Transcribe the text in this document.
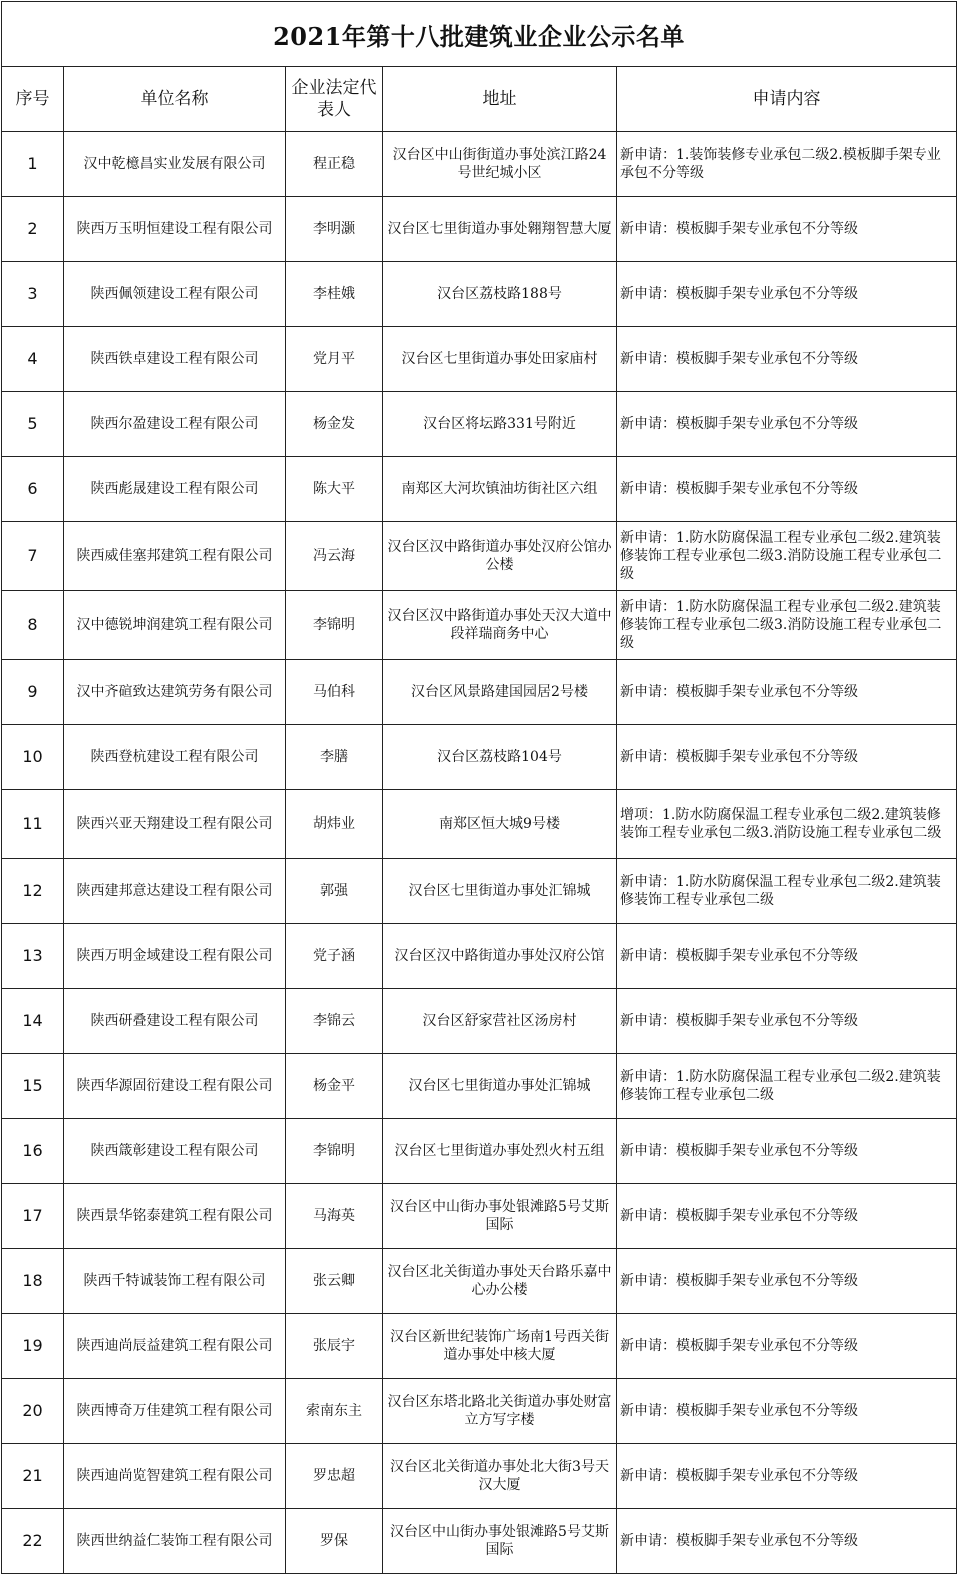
2021年第十八批建筑业企业公示名单				
序号	单位名称	企业法定代表人	地址	申请内容
1	汉中乾檍昌实业发展有限公司	程正稳	汉台区中山街街道办事处滨江路24号世纪城小区	新申请：1.装饰装修专业承包二级2.模板脚手架专业承包不分等级
2	陕西万玉明恒建设工程有限公司	李明灏	汉台区七里街道办事处翱翔智慧大厦	新申请：模板脚手架专业承包不分等级
3	陕西佩领建设工程有限公司	李桂娥	汉台区荔枝路188号	新申请：模板脚手架专业承包不分等级
4	陕西铁卓建设工程有限公司	党月平	汉台区七里街道办事处田家庙村	新申请：模板脚手架专业承包不分等级
5	陕西尔盈建设工程有限公司	杨金发	汉台区将坛路331号附近	新申请：模板脚手架专业承包不分等级
6	陕西彪晟建设工程有限公司	陈大平	南郑区大河坎镇油坊街社区六组	新申请：模板脚手架专业承包不分等级
7	陕西威佳塞邦建筑工程有限公司	冯云海	汉台区汉中路街道办事处汉府公馆办公楼	新申请：1.防水防腐保温工程专业承包二级2.建筑装修装饰工程专业承包二级3.消防设施工程专业承包二级
8	汉中德锐坤润建筑工程有限公司	李锦明	汉台区汉中路街道办事处天汉大道中段祥瑞商务中心	新申请：1.防水防腐保温工程专业承包二级2.建筑装修装饰工程专业承包二级3.消防设施工程专业承包二级
9	汉中齐碹致达建筑劳务有限公司	马伯科	汉台区风景路建国园居2号楼	新申请：模板脚手架专业承包不分等级
10	陕西登杭建设工程有限公司	李膳	汉台区荔枝路104号	新申请：模板脚手架专业承包不分等级
11	陕西兴亚天翔建设工程有限公司	胡炜业	南郑区恒大城9号楼	增项：1.防水防腐保温工程专业承包二级2.建筑装修装饰工程专业承包二级3.消防设施工程专业承包二级
12	陕西建邦意达建设工程有限公司	郭强	汉台区七里街道办事处汇锦城	新申请：1.防水防腐保温工程专业承包二级2.建筑装修装饰工程专业承包二级
13	陕西万明金域建设工程有限公司	党子涵	汉台区汉中路街道办事处汉府公馆	新申请：模板脚手架专业承包不分等级
14	陕西研叠建设工程有限公司	李锦云	汉台区舒家营社区汤房村	新申请：模板脚手架专业承包不分等级
15	陕西华源固衍建设工程有限公司	杨金平	汉台区七里街道办事处汇锦城	新申请：1.防水防腐保温工程专业承包二级2.建筑装修装饰工程专业承包二级
16	陕西箴彰建设工程有限公司	李锦明	汉台区七里街道办事处烈火村五组	新申请：模板脚手架专业承包不分等级
17	陕西景华铭泰建筑工程有限公司	马海英	汉台区中山街办事处银滩路5号艾斯国际	新申请：模板脚手架专业承包不分等级
18	陕西千特诚装饰工程有限公司	张云卿	汉台区北关街道办事处天台路乐嘉中心办公楼	新申请：模板脚手架专业承包不分等级
19	陕西迪尚辰益建筑工程有限公司	张辰宇	汉台区新世纪装饰广场南1号西关街道办事处中核大厦	新申请：模板脚手架专业承包不分等级
20	陕西博奇万佳建筑工程有限公司	索南东主	汉台区东塔北路北关街道办事处财富立方写字楼	新申请：模板脚手架专业承包不分等级
21	陕西迪尚览智建筑工程有限公司	罗忠超	汉台区北关街道办事处北大街3号天汉大厦	新申请：模板脚手架专业承包不分等级
22	陕西世纳益仁装饰工程有限公司	罗保	汉台区中山街办事处银滩路5号艾斯国际	新申请：模板脚手架专业承包不分等级
